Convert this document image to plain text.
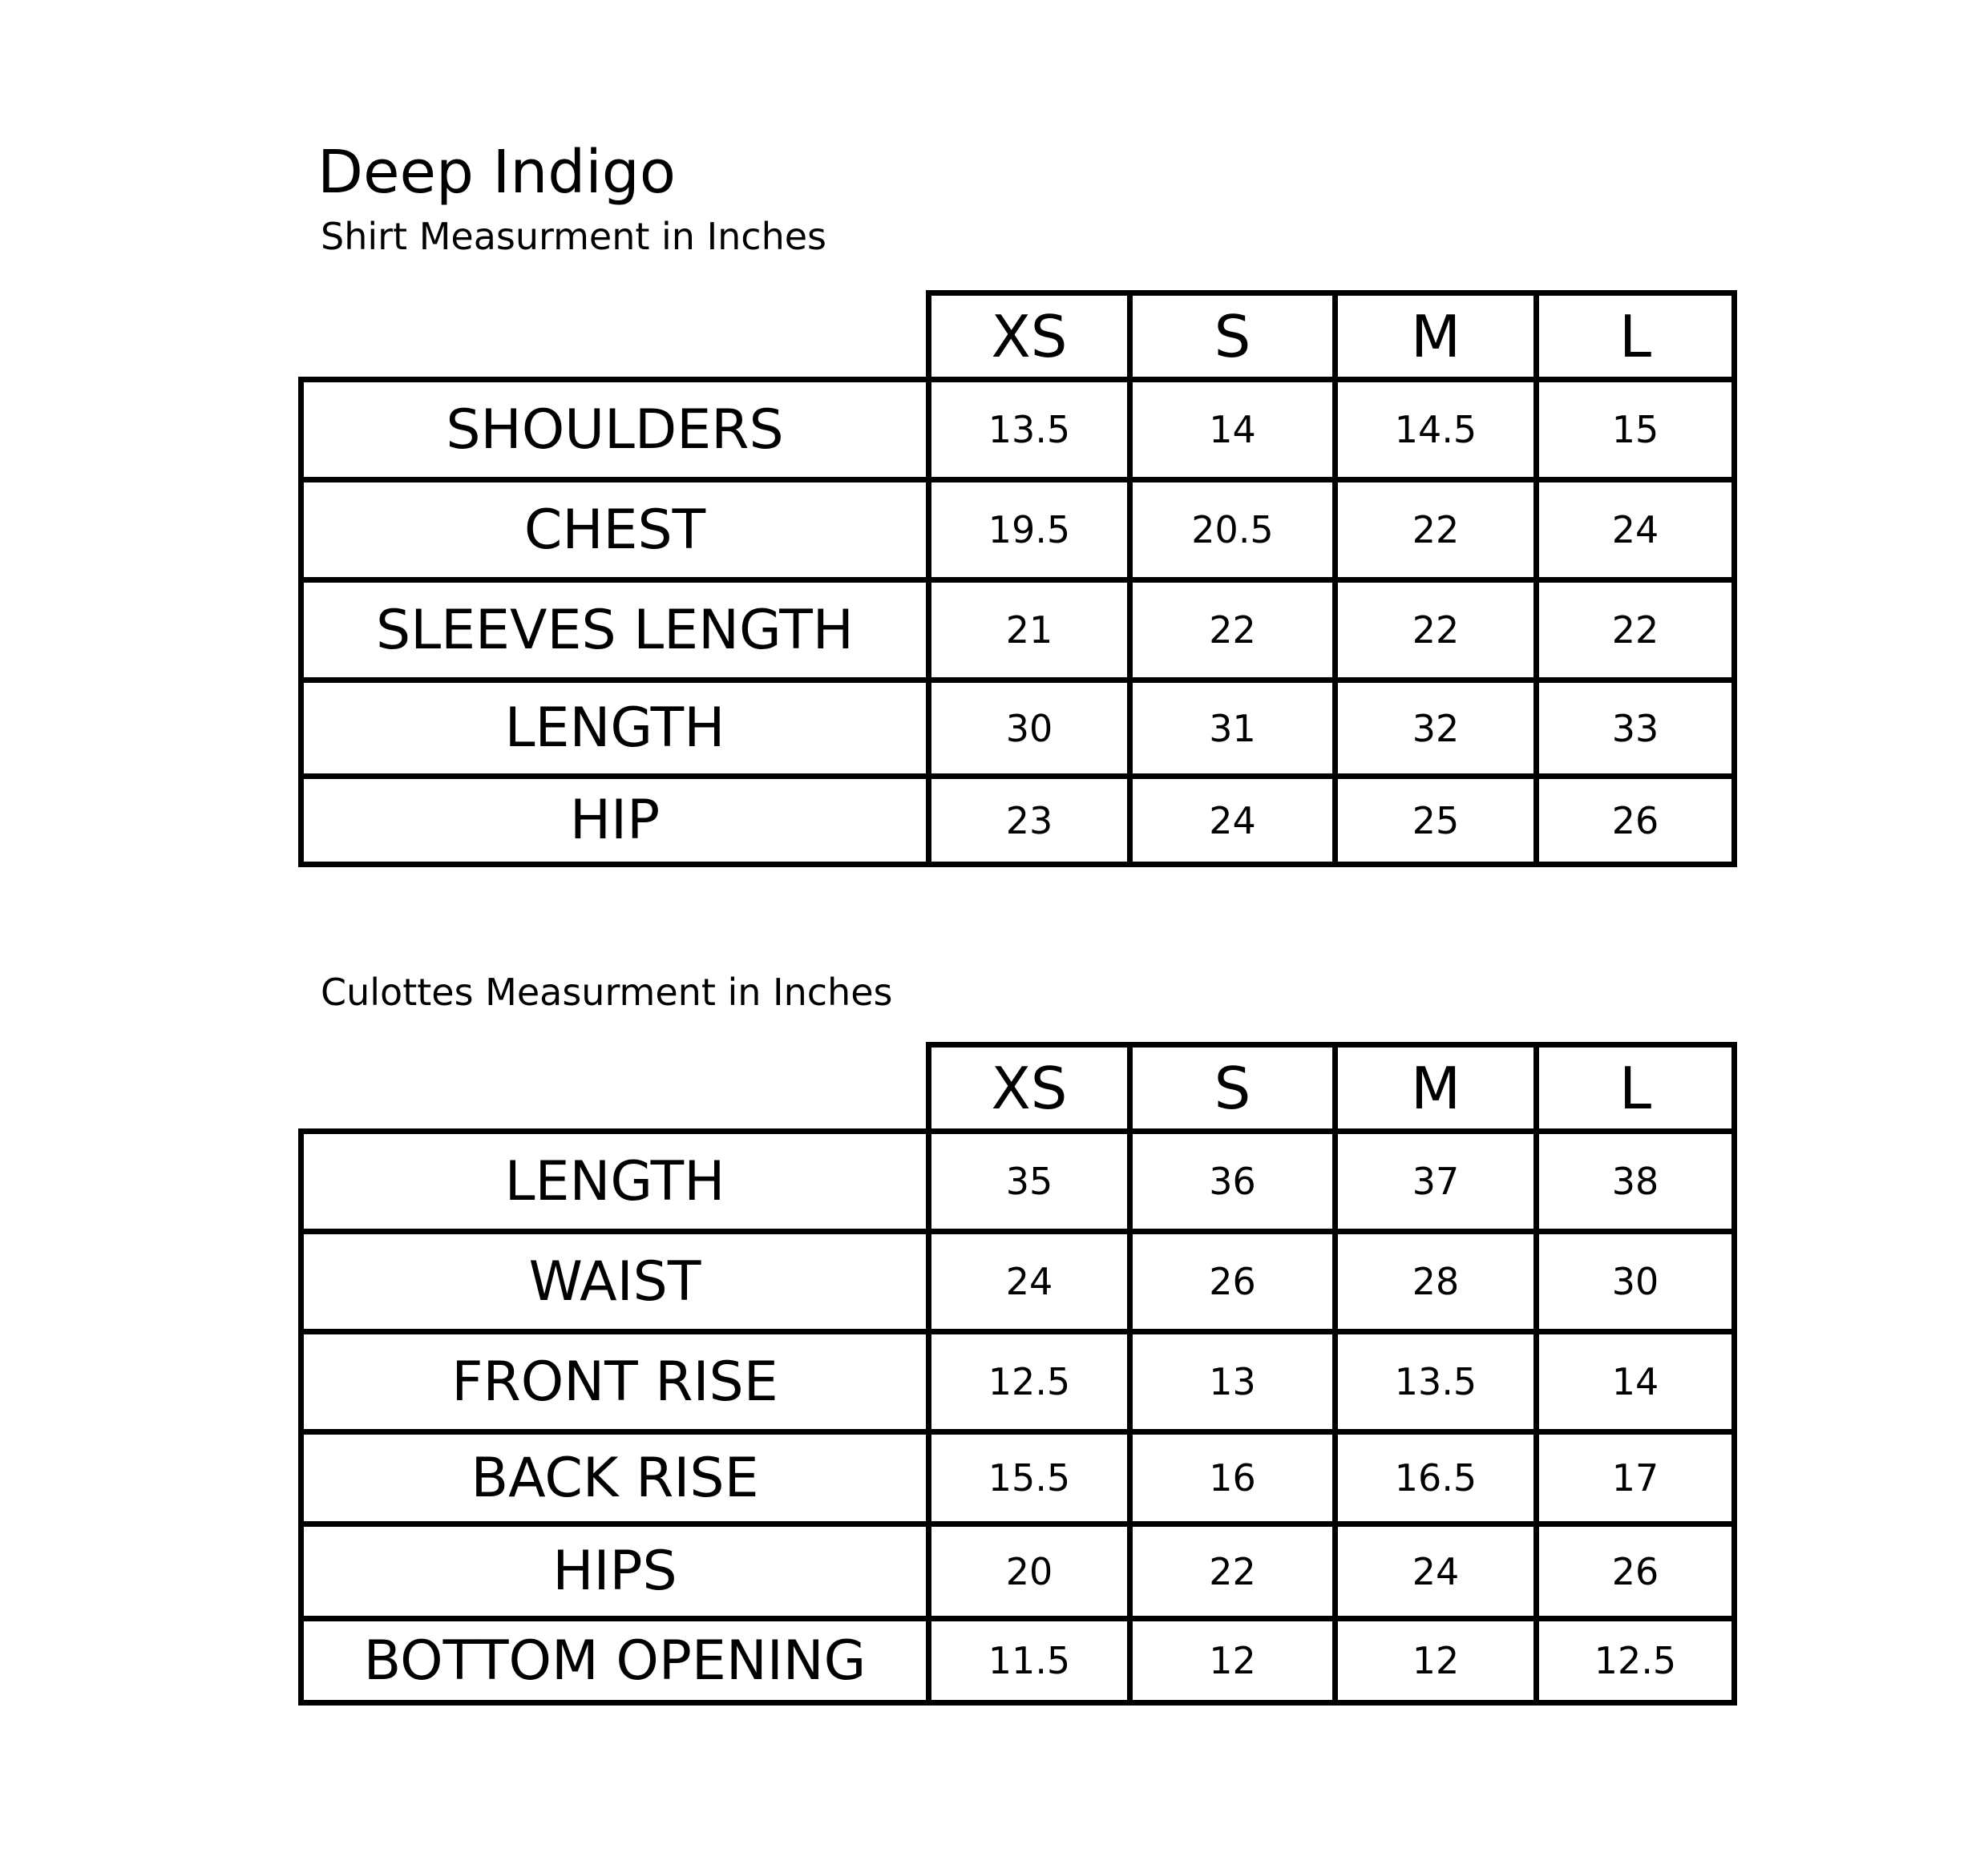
Deep Indigo
Shirt Measurment in Inches
Culottes Measurment in Inches
XS	S	M	L
SHOULDERS	13.5	14	14.5	15
CHEST	19.5	20.5	22	24
SLEEVES LENGTH	21	22	22	22
LENGTH	30	31	32	33
HIP	23	24	25	26
XS	S	M	L
LENGTH	35	36	37	38
WAIST	24	26	28	30
FRONT RISE	12.5	13	13.5	14
BACK RISE	15.5	16	16.5	17
HIPS	20	22	24	26
BOTTOM OPENING	11.5	12	12	12.5
